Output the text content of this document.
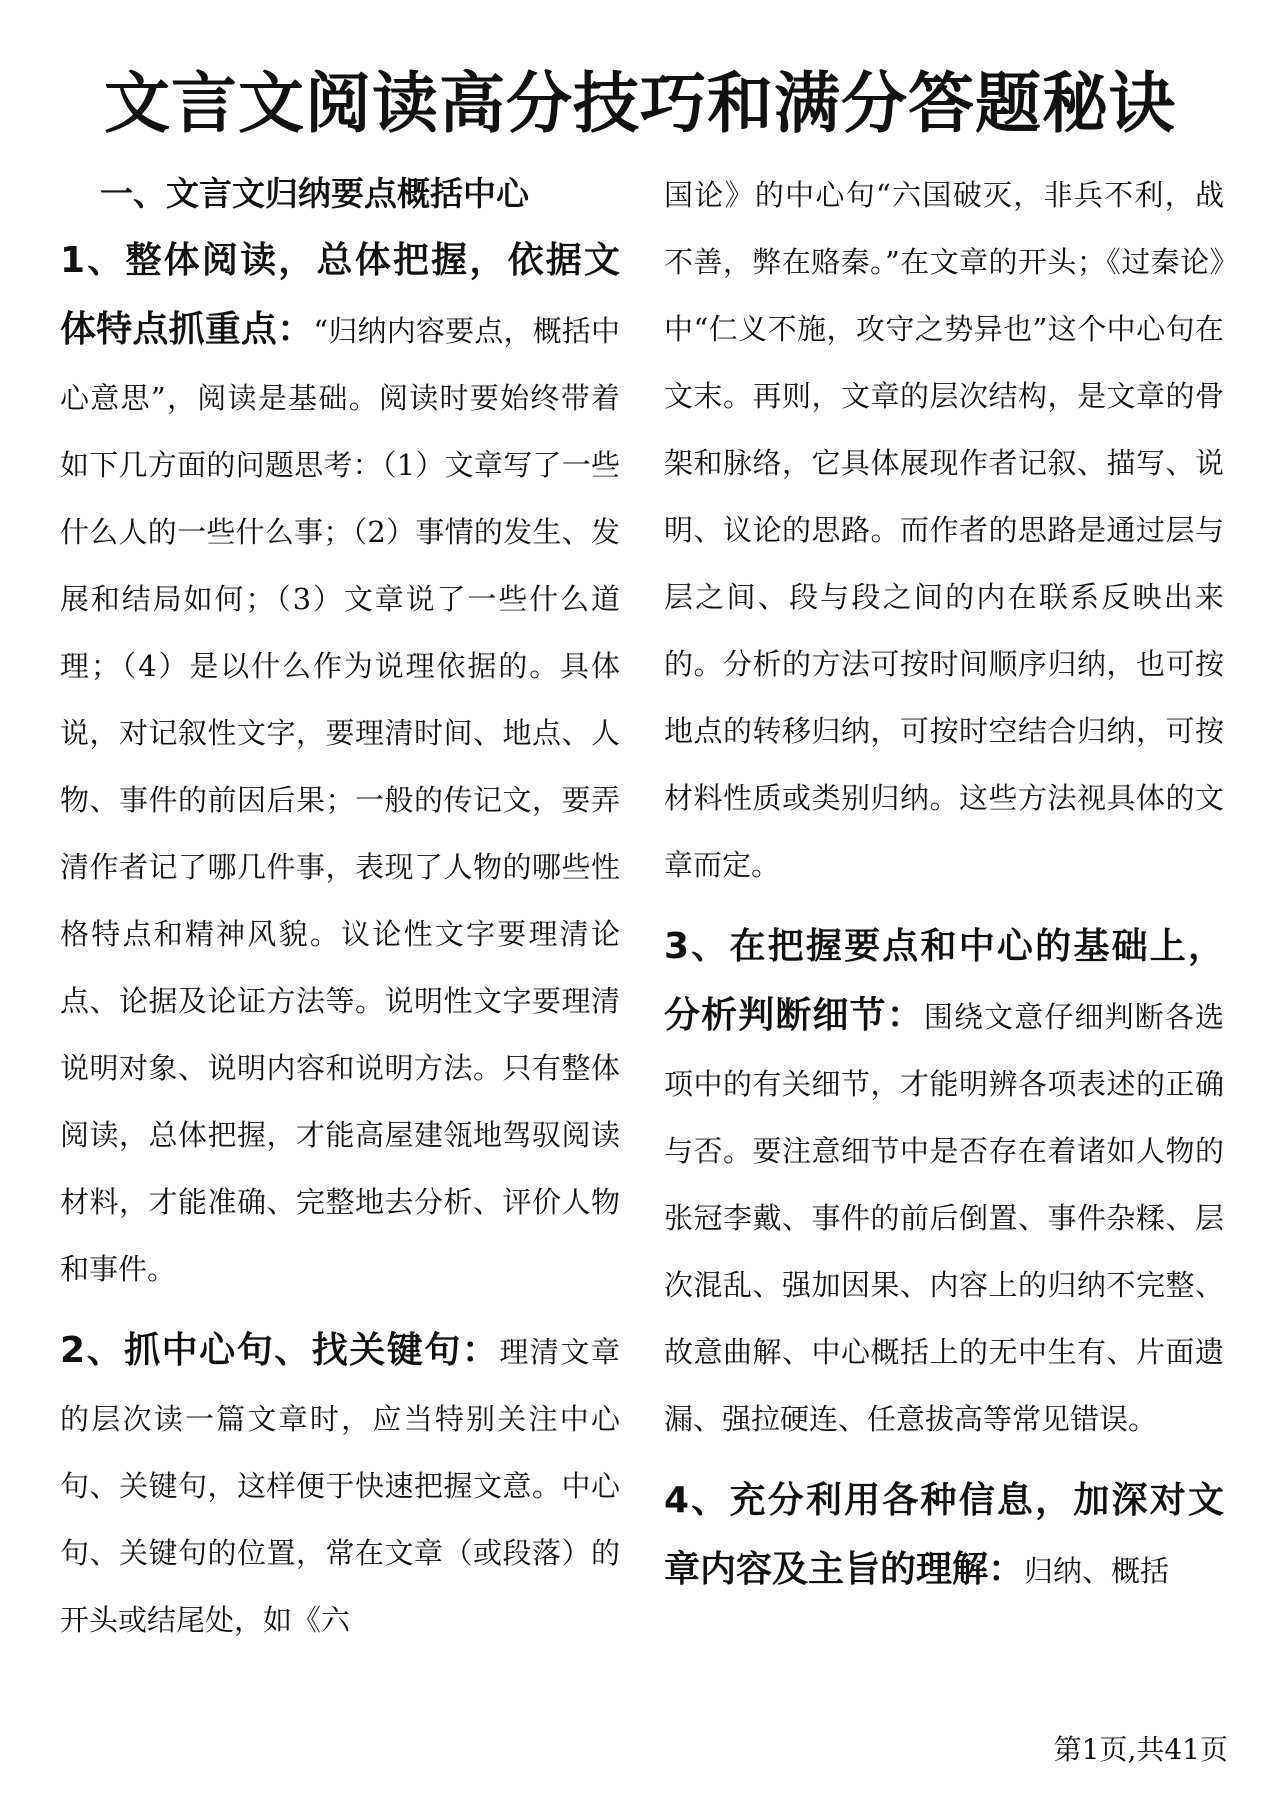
文言文阅读高分技巧和满分答题秘诀
一、文言文归纳要点概括中心

1、整体阅读，总体把握，依据文体特点抓重点：“归纳内容要点，概括中心意思”，阅读是基础。阅读时要始终带着如下几方面的问题思考：（1）文章写了一些什么人的一些什么事；（2）事情的发生、发展和结局如何；（3）文章说了一些什么道理；（4）是以什么作为说理依据的。具体说，对记叙性文字，要理清时间、地点、人物、事件的前因后果；一般的传记文，要弄清作者记了哪几件事，表现了人物的哪些性格特点和精神风貌。议论性文字要理清论点、论据及论证方法等。说明性文字要理清说明对象、说明内容和说明方法。只有整体阅读，总体把握，才能高屋建瓴地驾驭阅读材料，才能准确、完整地去分析、评价人物和事件。

2、抓中心句、找关键句：理清文章的层次读一篇文章时，应当特别关注中心句、关键句，这样便于快速把握文意。中心句、关键句的位置，常在文章（或段落）的开头或结尾处，如《六

国论》的中心句“六国破灭，非兵不利，战不善，弊在赂秦。”在文章的开头；《过秦论》中“仁义不施，攻守之势异也”这个中心句在文末。再则，文章的层次结构，是文章的骨架和脉络，它具体展现作者记叙、描写、说明、议论的思路。而作者的思路是通过层与层之间、段与段之间的内在联系反映出来的。分析的方法可按时间顺序归纳，也可按地点的转移归纳，可按时空结合归纳，可按材料性质或类别归纳。这些方法视具体的文章而定。

3、在把握要点和中心的基础上，分析判断细节：围绕文意仔细判断各选项中的有关细节，才能明辨各项表述的正确与否。要注意细节中是否存在着诸如人物的张冠李戴、事件的前后倒置、事件杂糅、层次混乱、强加因果、内容上的归纳不完整、故意曲解、中心概括上的无中生有、片面遗漏、强拉硬连、任意拔高等常见错误。

4、充分利用各种信息，加深对文章内容及主旨的理解：归纳、概括

第1页,共41页
